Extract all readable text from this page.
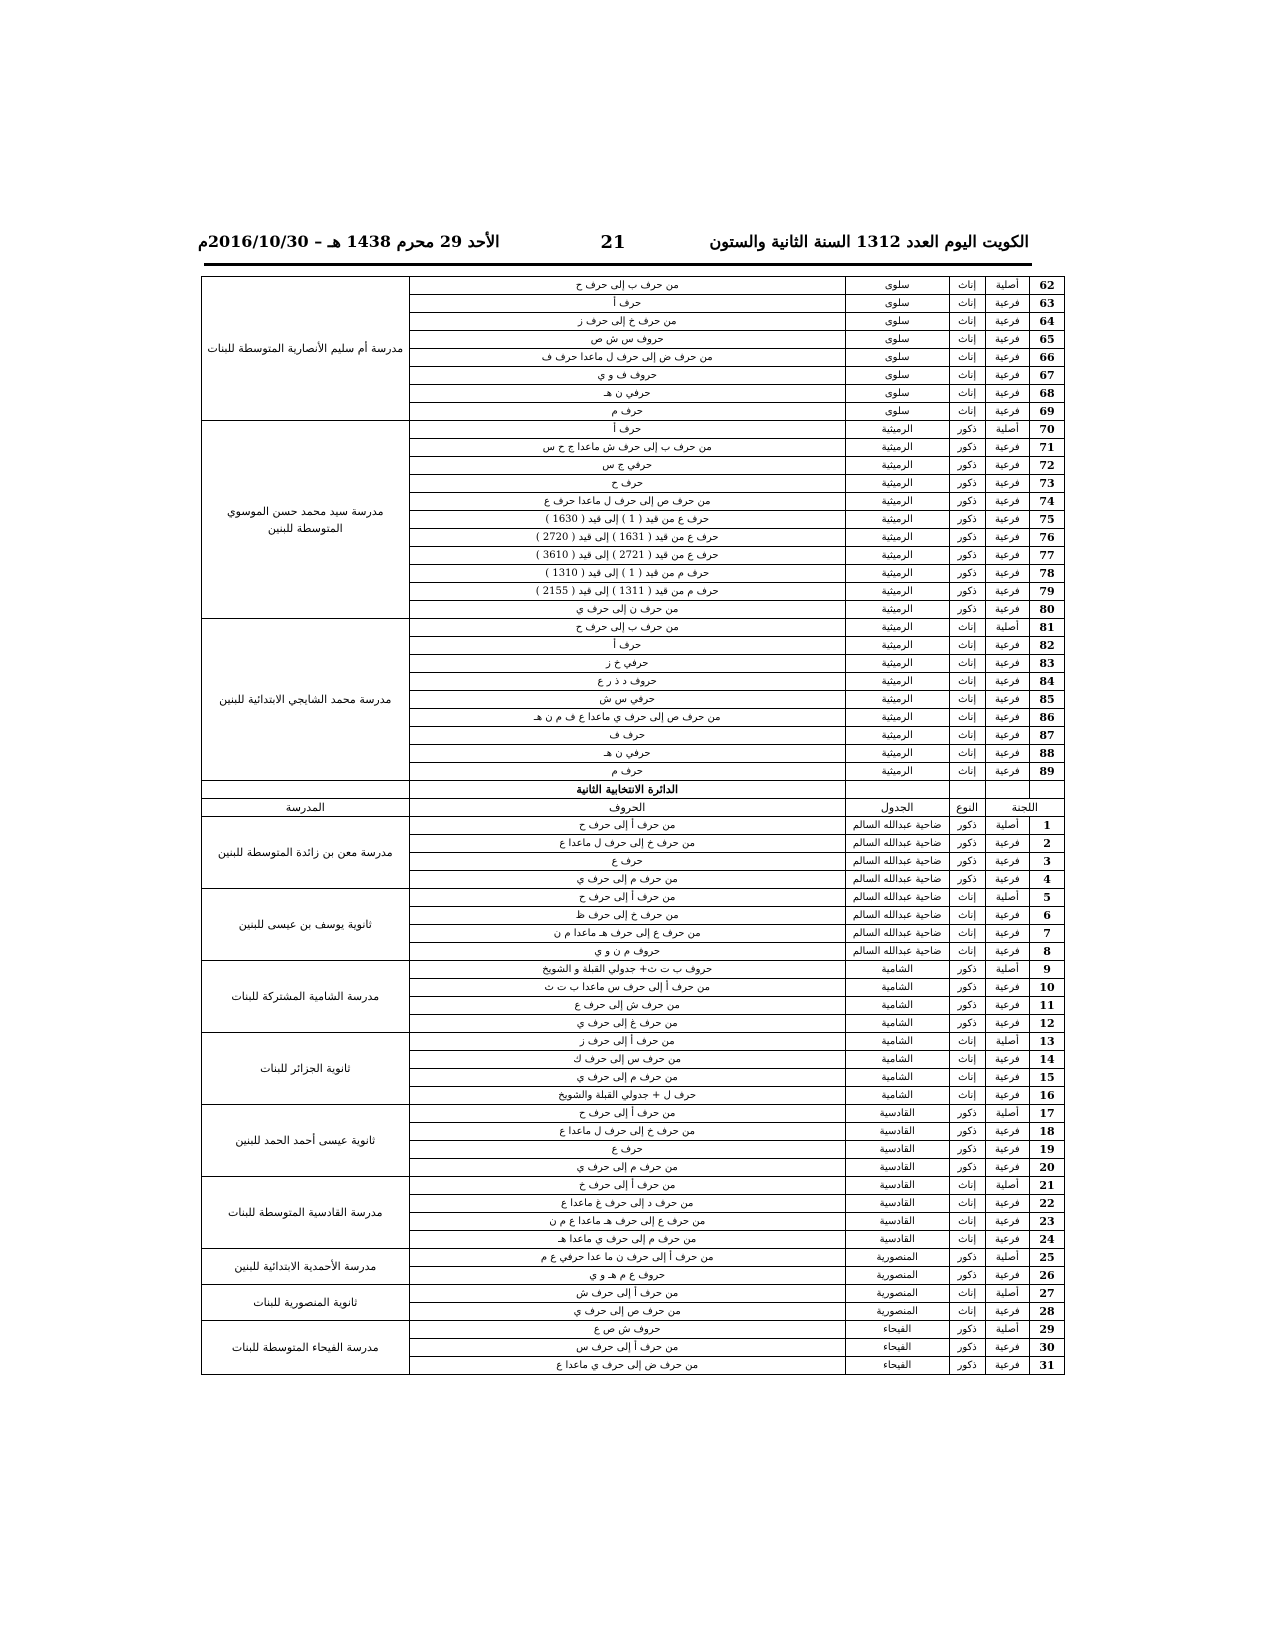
الكويت اليوم العدد 1312 السنة الثانية والستون
21
الأحد 29 محرم 1438 هـ – 2016/10/30م
62	أصلية	إناث	سلوى	من حرف ب إلى حرف ح	مدرسة أم سليم الأنصارية المتوسطة للبنات
63	فرعية	إناث	سلوى	حرف أ	
64	فرعية	إناث	سلوى	من حرف خ إلى حرف ز	
65	فرعية	إناث	سلوى	حروف س ش ص	
66	فرعية	إناث	سلوى	من حرف ض إلى حرف ل ماعدا حرف ف	
67	فرعية	إناث	سلوى	حروف ف و ي	
68	فرعية	إناث	سلوى	حرفي ن هـ	
69	فرعية	إناث	سلوى	حرف م	
70	أصلية	ذكور	الرميثية	حرف أ	مدرسة سيد محمد حسن الموسوي المتوسطة للبنين
71	فرعية	ذكور	الرميثية	من حرف ب إلى حرف ش ماعدا ج ح س	
72	فرعية	ذكور	الرميثية	حرفي ج س	
73	فرعية	ذكور	الرميثية	حرف ح	
74	فرعية	ذكور	الرميثية	من حرف ص إلى حرف ل ماعدا حرف ع	
75	فرعية	ذكور	الرميثية	حرف ع من قيد ( 1 ) إلى قيد ( 1630 )	
76	فرعية	ذكور	الرميثية	حرف ع من قيد ( 1631 ) إلى قيد ( 2720 )	
77	فرعية	ذكور	الرميثية	حرف ع من قيد ( 2721 ) إلى قيد ( 3610 )	
78	فرعية	ذكور	الرميثية	حرف م من قيد ( 1 ) إلى قيد ( 1310 )	
79	فرعية	ذكور	الرميثية	حرف م من قيد ( 1311 ) إلى قيد ( 2155 )	
80	فرعية	ذكور	الرميثية	من حرف ن إلى حرف ي	
81	أصلية	إناث	الرميثية	من حرف ب إلى حرف ح	مدرسة محمد الشايجي الابتدائية للبنين
82	فرعية	إناث	الرميثية	حرف أ	
83	فرعية	إناث	الرميثية	حرفي خ ز	
84	فرعية	إناث	الرميثية	حروف د ذ ر ع	
85	فرعية	إناث	الرميثية	حرفي س ش	
86	فرعية	إناث	الرميثية	من حرف ص إلى حرف ي ماعدا ع ف م ن هـ	
87	فرعية	إناث	الرميثية	حرف ف	
88	فرعية	إناث	الرميثية	حرفي ن هـ	
89	فرعية	إناث	الرميثية	حرف م	
				الدائرة الانتخابية الثانية	
اللجنة		النوع	الجدول	الحروف	المدرسة
1	أصلية	ذكور	ضاحية عبدالله السالم	من حرف أ إلى حرف ح	مدرسة معن بن زائدة المتوسطة للبنين
2	فرعية	ذكور	ضاحية عبدالله السالم	من حرف خ إلى حرف ل ماعدا ع	
3	فرعية	ذكور	ضاحية عبدالله السالم	حرف ع	
4	فرعية	ذكور	ضاحية عبدالله السالم	من حرف م إلى حرف ي	
5	أصلية	إناث	ضاحية عبدالله السالم	من حرف أ إلى حرف ح	ثانوية يوسف بن عيسى للبنين
6	فرعية	إناث	ضاحية عبدالله السالم	من حرف خ إلى حرف ظ	
7	فرعية	إناث	ضاحية عبدالله السالم	من حرف ع إلى حرف هـ ماعدا م ن	
8	فرعية	إناث	ضاحية عبدالله السالم	حروف م ن و ي	
9	أصلية	ذكور	الشامية	حروف ب ت ث+ جدولي القبلة و الشويخ	مدرسة الشامية المشتركة للبنات
10	فرعية	ذكور	الشامية	من حرف أ إلى حرف س ماعدا ب ت ث	
11	فرعية	ذكور	الشامية	من حرف ش إلى حرف ع	
12	فرعية	ذكور	الشامية	من حرف غ إلى حرف ي	
13	أصلية	إناث	الشامية	من حرف أ إلى حرف ز	ثانوية الجزائر للبنات
14	فرعية	إناث	الشامية	من حرف س إلى حرف ك	
15	فرعية	إناث	الشامية	من حرف م إلى حرف ي	
16	فرعية	إناث	الشامية	حرف ل + جدولي القبلة والشويخ	
17	أصلية	ذكور	القادسية	من حرف أ إلى حرف ح	ثانوية عيسى أحمد الحمد للبنين
18	فرعية	ذكور	القادسية	من حرف خ إلى حرف ل ماعدا ع	
19	فرعية	ذكور	القادسية	حرف ع	
20	فرعية	ذكور	القادسية	من حرف م إلى حرف ي	
21	أصلية	إناث	القادسية	من حرف أ إلى حرف خ	مدرسة القادسية المتوسطة للبنات
22	فرعية	إناث	القادسية	من حرف د إلى حرف غ ماعدا ع	
23	فرعية	إناث	القادسية	من حرف ع إلى حرف هـ ماعدا ع م ن	
24	فرعية	إناث	القادسية	من حرف م إلى حرف ي ماعدا هـ	
25	أصلية	ذكور	المنصورية	من حرف أ إلى حرف ن ما عدا حرفي ع م	مدرسة الأحمدية الابتدائية للبنين
26	فرعية	ذكور	المنصورية	حروف ع م هـ و ي	
27	أصلية	إناث	المنصورية	من حرف أ إلى حرف ش	ثانوية المنصورية للبنات
28	فرعية	إناث	المنصورية	من حرف ص إلى حرف ي	
29	أصلية	ذكور	الفيحاء	حروف ش ص ع	مدرسة الفيحاء المتوسطة للبنات
30	فرعية	ذكور	الفيحاء	من حرف أ إلى حرف س	
31	فرعية	ذكور	الفيحاء	من حرف ض إلى حرف ي ماعدا ع	
